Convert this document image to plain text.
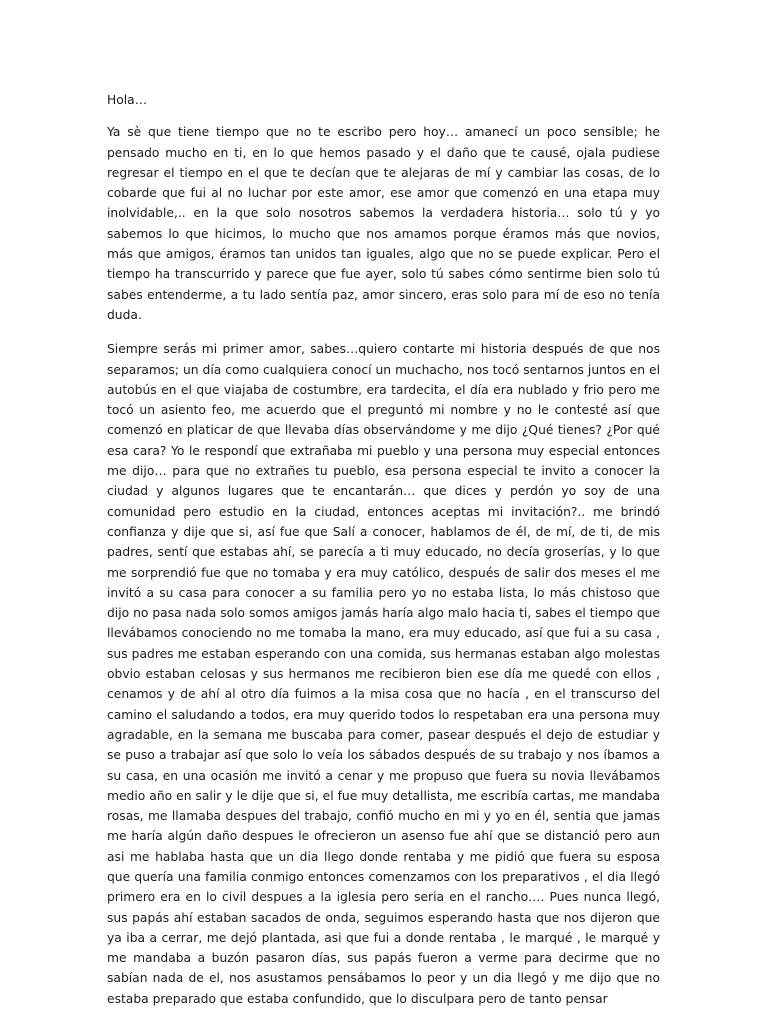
Hola…

Ya sè que tiene tiempo que no te escribo pero hoy… amanecí un poco sensible; he pensado mucho en ti, en lo que hemos pasado y el daño que te causé, ojala pudiese regresar el tiempo en el que te decían que te alejaras de mí y cambiar las cosas, de lo cobarde que fui al no luchar por este amor, ese amor que comenzó en una etapa muy inolvidable,.. en la que solo nosotros sabemos la verdadera historia… solo tú y yo sabemos lo que hicimos, lo mucho que nos amamos porque éramos más que novios, más que amigos, éramos tan unidos tan iguales, algo que no se puede explicar. Pero el tiempo ha transcurrido y parece que fue ayer, solo tú sabes cómo sentirme bien solo tú sabes entenderme, a tu lado sentía paz, amor sincero, eras solo para mí de eso no tenía duda.

Siempre serás mi primer amor, sabes…quiero contarte mi historia después de que nos separamos; un día como cualquiera conocí un muchacho, nos tocó sentarnos juntos en el autobús en el que viajaba de costumbre, era tardecita, el día era nublado y frio pero me tocó un asiento feo, me acuerdo que el preguntó mi nombre y no le contesté así que comenzó en platicar de que llevaba días observándome y me dijo ¿Qué tienes? ¿Por qué esa cara? Yo le respondí que extrañaba mi pueblo y una persona muy especial entonces me dijo… para que no extrañes tu pueblo, esa persona especial te invito a conocer la ciudad y algunos lugares que te encantarán… que dices y perdón yo soy de una comunidad pero estudio en la ciudad, entonces aceptas mi invitación?.. me brindó confianza y dije que si, así fue que Salí a conocer, hablamos de él, de mí, de ti, de mis padres, sentí que estabas ahí, se parecía a ti muy educado, no decía groserías, y lo que me sorprendió fue que no tomaba y era muy católico, después de salir dos meses el me invitó a su casa para conocer a su familia pero yo no estaba lista, lo más chistoso que dijo no pasa nada solo somos amigos jamás haría algo malo hacia ti, sabes el tiempo que llevábamos conociendo no me tomaba la mano, era muy educado, así que fui a su casa , sus padres me estaban esperando con una comida, sus hermanas estaban algo molestas obvio estaban celosas y sus hermanos me recibieron bien ese día me quedé con ellos , cenamos y de ahí al otro día fuimos a la misa cosa que no hacía , en el transcurso del camino el saludando a todos, era muy querido todos lo respetaban era una persona muy agradable, en la semana me buscaba para comer, pasear después el dejo de estudiar y se puso a trabajar así que solo lo veía los sábados después de su trabajo y nos íbamos a su casa, en una ocasión me invitó a cenar y me propuso que fuera su novia llevábamos medio año en salir y le dije que si, el fue muy detallista, me escribía cartas, me mandaba rosas, me llamaba despues del trabajo, confió mucho en mi y yo en él, sentia que jamas me haría algún daño despues le ofrecieron un asenso fue ahí que se distanció pero aun asi me hablaba hasta que un dia llego donde rentaba y me pidió que fuera su esposa que quería una familia conmigo entonces comenzamos con los preparativos , el dia llegó primero era en lo civil despues a la iglesia pero seria en el rancho…. Pues nunca llegó, sus papás ahí estaban sacados de onda, seguimos esperando hasta que nos dijeron que ya iba a cerrar, me dejó plantada, asi que fui a donde rentaba , le marqué , le marqué y me mandaba a buzón pasaron días, sus papás fueron a verme para decirme que no sabían nada de el, nos asustamos pensábamos lo peor y un dia llegó y me dijo que no estaba preparado que estaba confundido, que lo disculpara pero de tanto pensar
